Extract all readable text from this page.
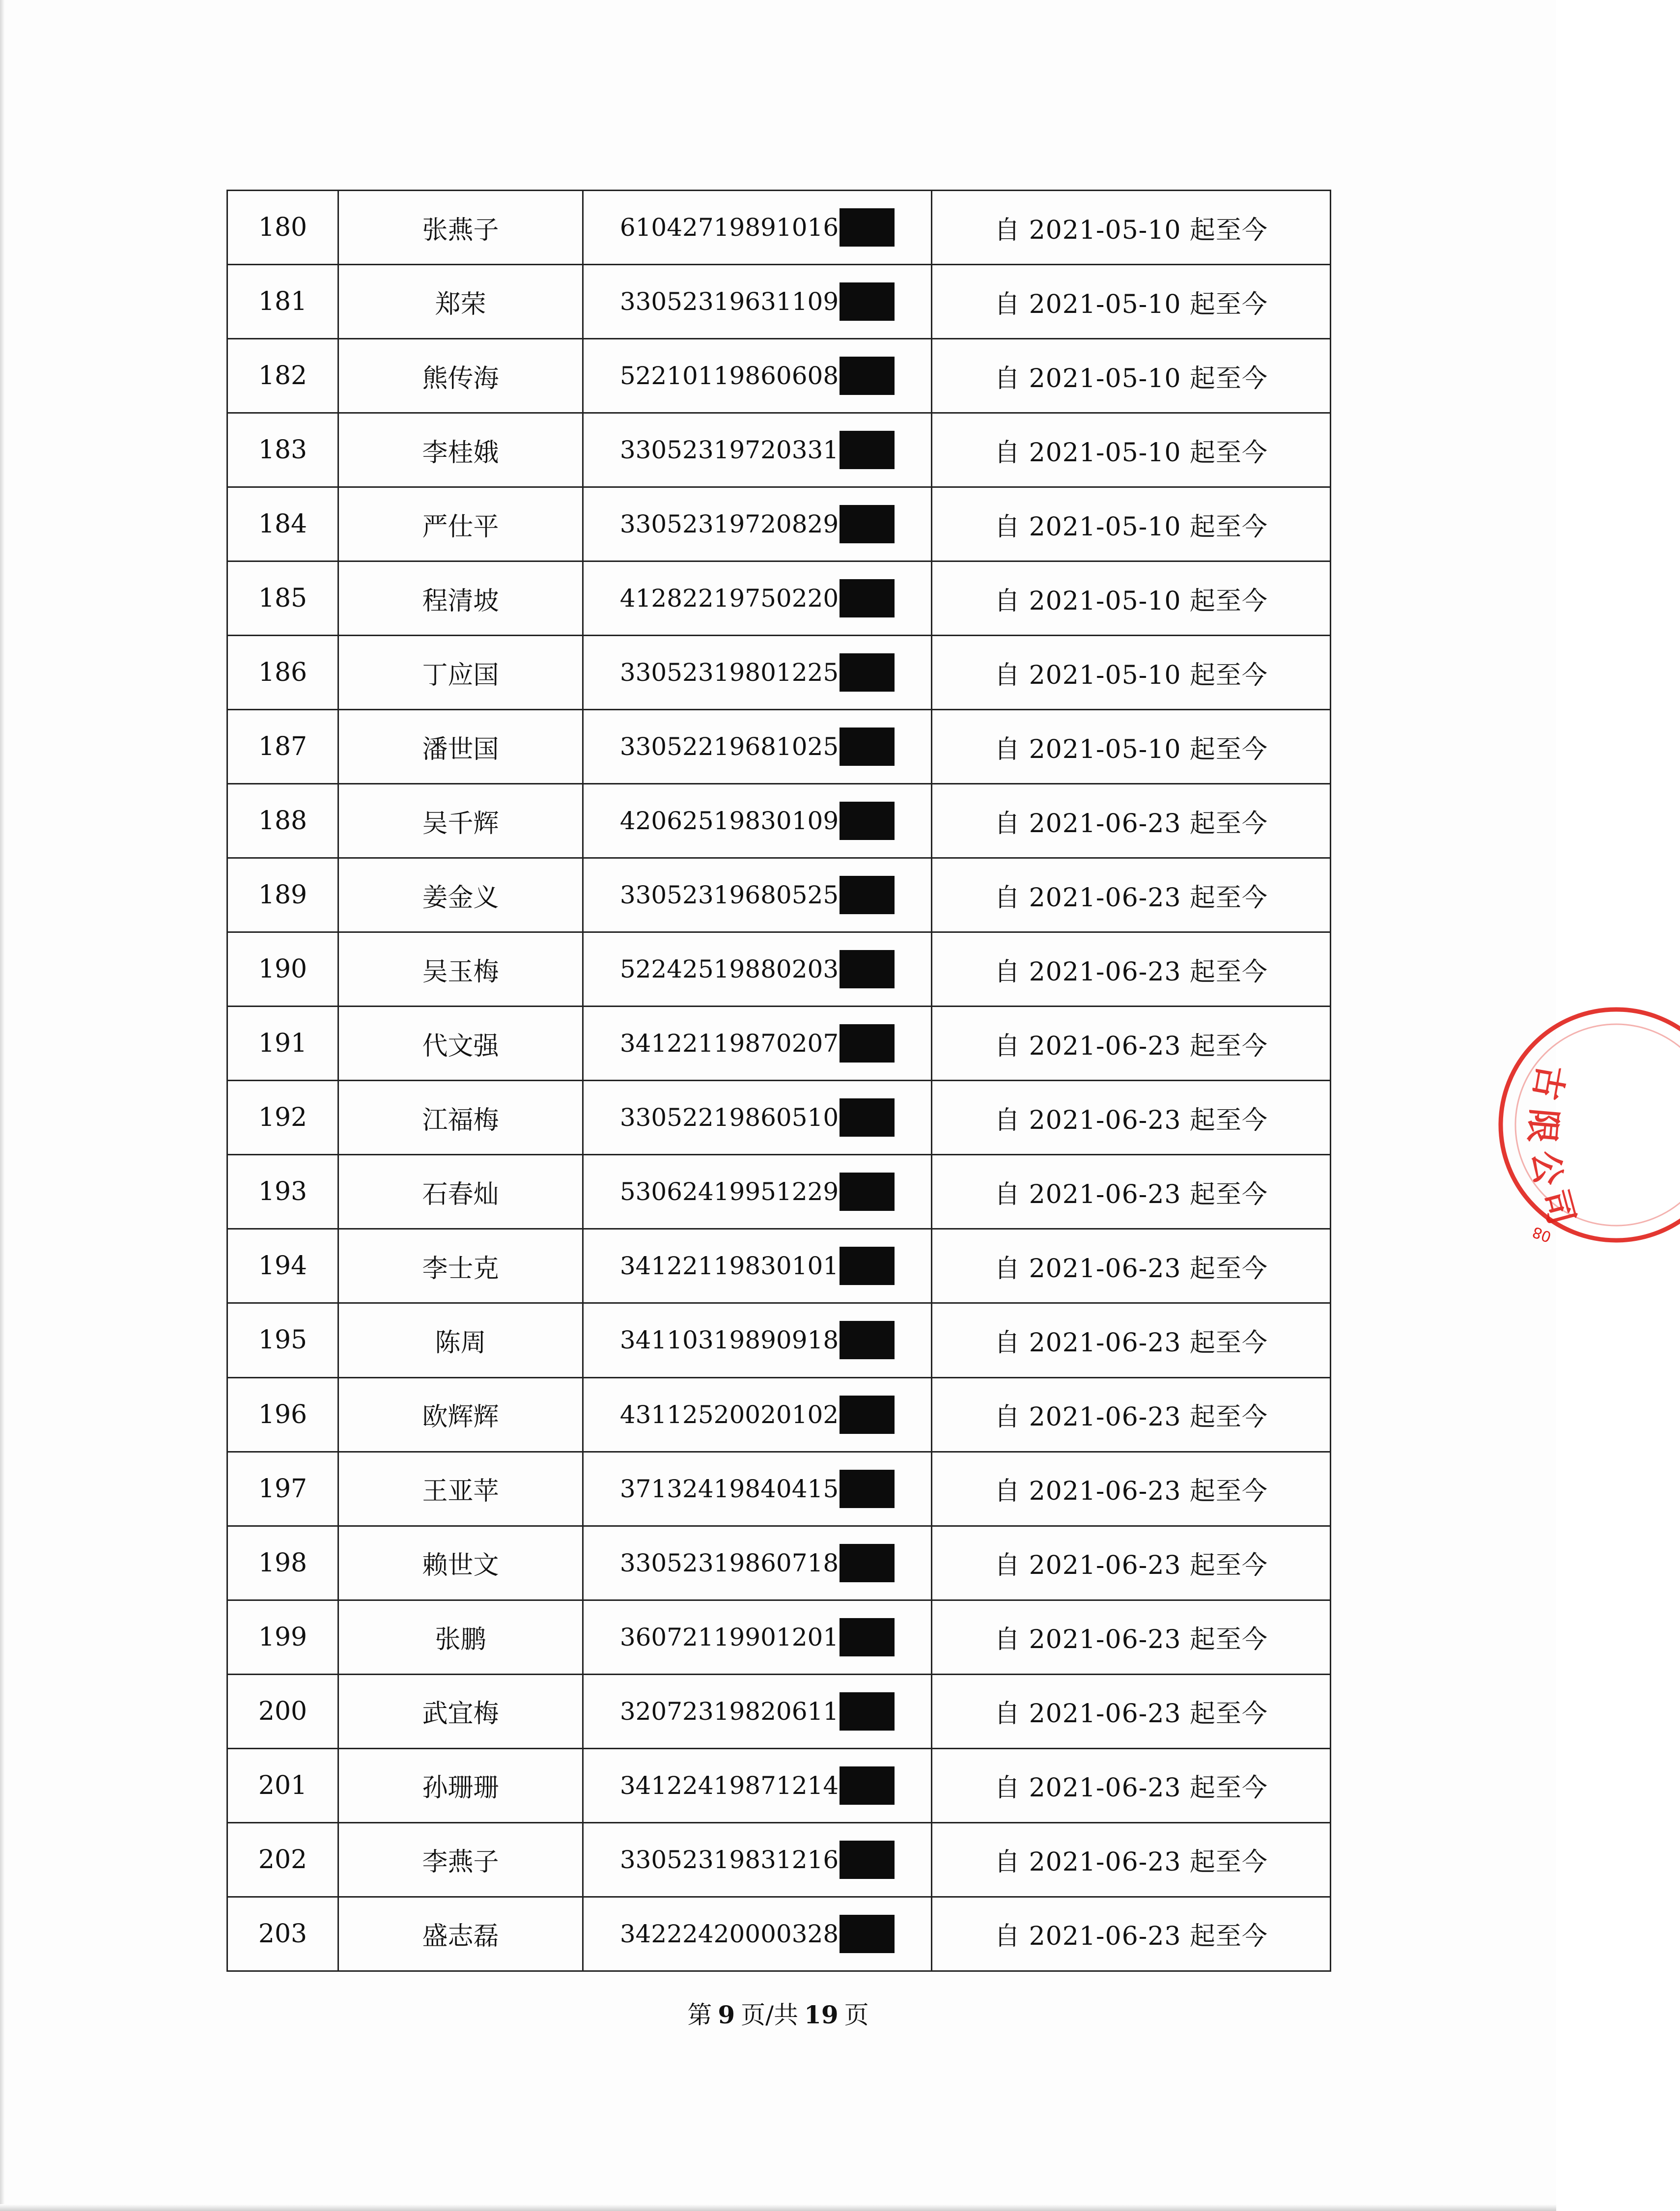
180	张燕子	61042719891016	自 2021-05-10 起至今
181	郑荣	33052319631109	自 2021-05-10 起至今
182	熊传海	52210119860608	自 2021-05-10 起至今
183	李桂娥	33052319720331	自 2021-05-10 起至今
184	严仕平	33052319720829	自 2021-05-10 起至今
185	程清坡	41282219750220	自 2021-05-10 起至今
186	丁应国	33052319801225	自 2021-05-10 起至今
187	潘世国	33052219681025	自 2021-05-10 起至今
188	吴千辉	42062519830109	自 2021-06-23 起至今
189	姜金义	33052319680525	自 2021-06-23 起至今
190	吴玉梅	52242519880203	自 2021-06-23 起至今
191	代文强	34122119870207	自 2021-06-23 起至今
192	江福梅	33052219860510	自 2021-06-23 起至今
193	石春灿	53062419951229	自 2021-06-23 起至今
194	李士克	34122119830101	自 2021-06-23 起至今
195	陈周	34110319890918	自 2021-06-23 起至今
196	欧辉辉	43112520020102	自 2021-06-23 起至今
197	王亚苹	37132419840415	自 2021-06-23 起至今
198	赖世文	33052319860718	自 2021-06-23 起至今
199	张鹏	36072119901201	自 2021-06-23 起至今
200	武宜梅	32072319820611	自 2021-06-23 起至今
201	孙珊珊	34122419871214	自 2021-06-23 起至今
202	李燕子	33052319831216	自 2021-06-23 起至今
203	盛志磊	34222420000328	自 2021-06-23 起至今
第 9 页/共 19 页
古
限
公
司
08
